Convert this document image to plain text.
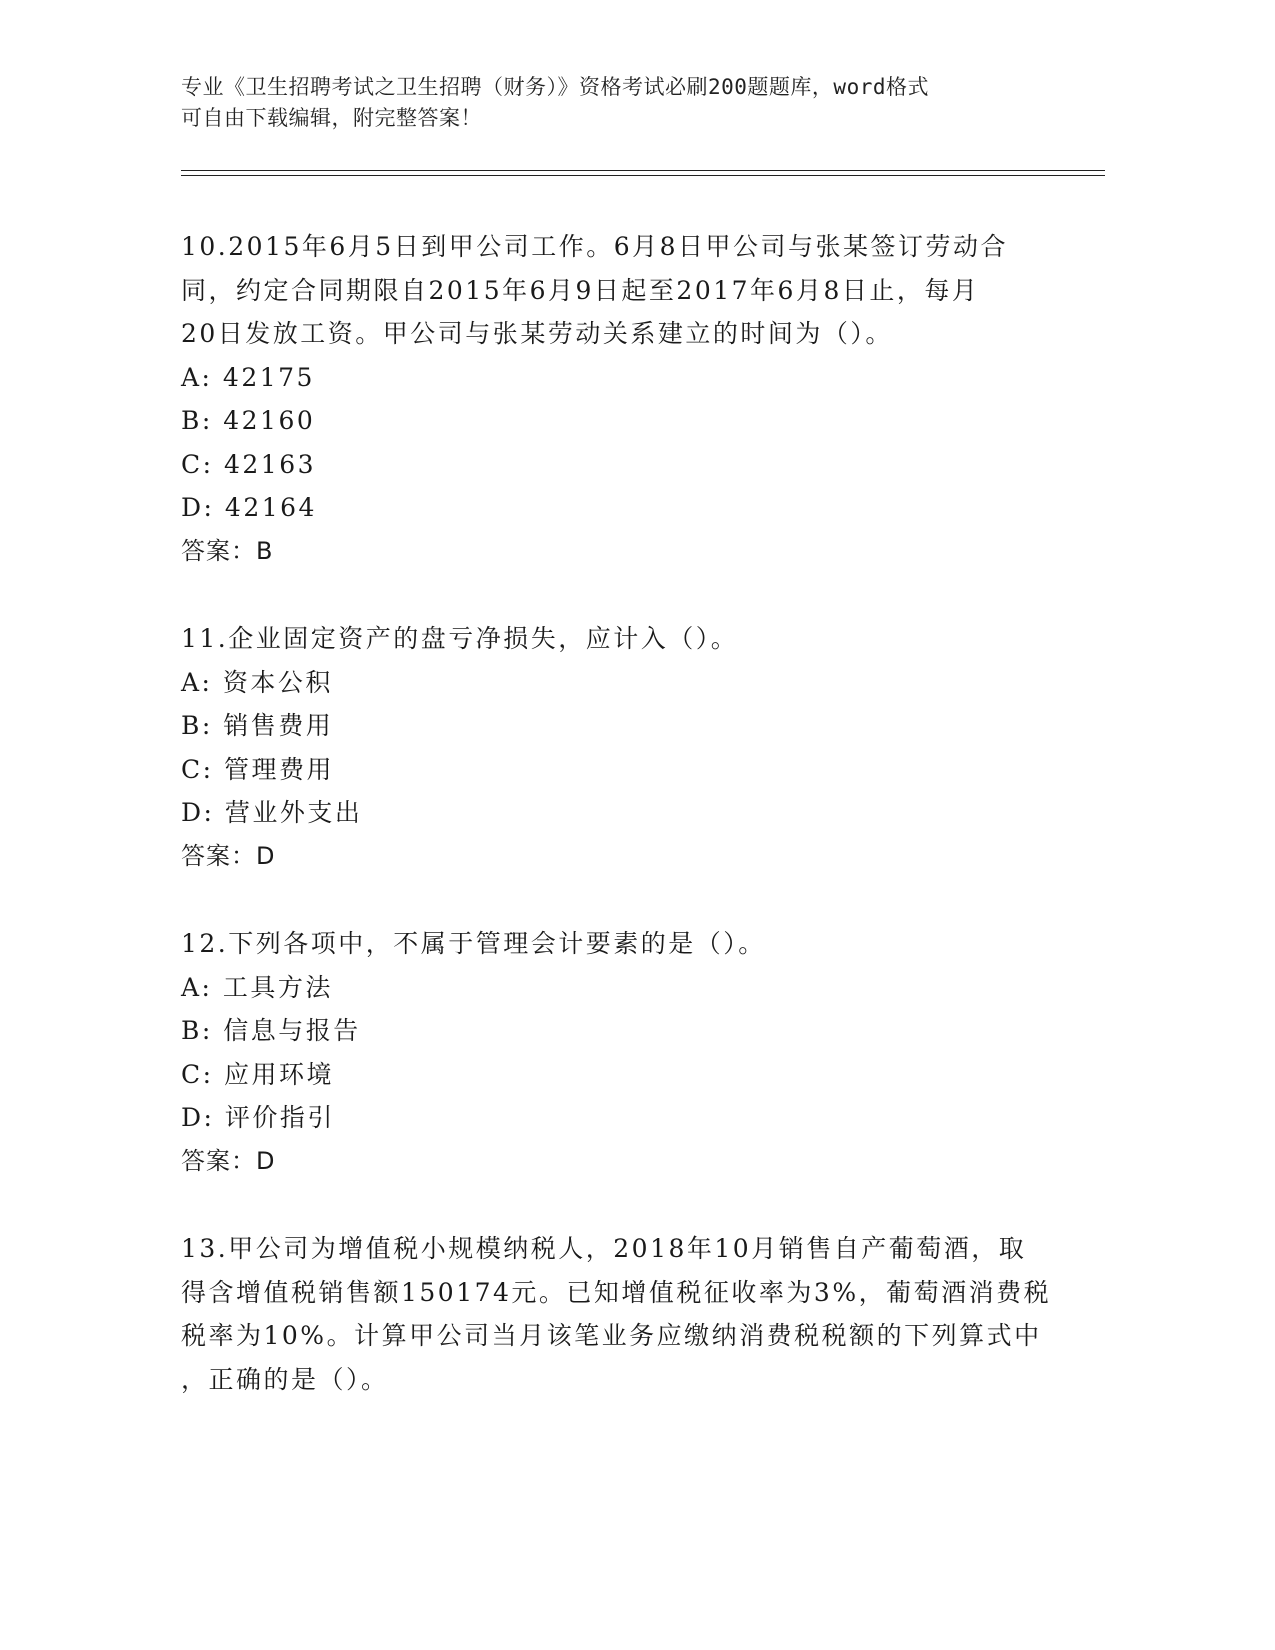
专业《卫生招聘考试之卫生招聘（财务）》资格考试必刷200题题库，word格式
可自由下载编辑，附完整答案！
10.2015年6月5日到甲公司工作。6月8日甲公司与张某签订劳动合
同，约定合同期限自2015年6月9日起至2017年6月8日止，每月
20日发放工资。甲公司与张某劳动关系建立的时间为（）。
A: 42175
B: 42160
C: 42163
D: 42164
答案：B
11.企业固定资产的盘亏净损失，应计入（）。
A: 资本公积
B: 销售费用
C: 管理费用
D: 营业外支出
答案：D
12.下列各项中，不属于管理会计要素的是（）。
A: 工具方法
B: 信息与报告
C: 应用环境
D: 评价指引
答案：D
13.甲公司为增值税小规模纳税人，2018年10月销售自产葡萄酒，取
得含增值税销售额150174元。已知增值税征收率为3%，葡萄酒消费税
税率为10%。计算甲公司当月该笔业务应缴纳消费税税额的下列算式中
，正确的是（）。
